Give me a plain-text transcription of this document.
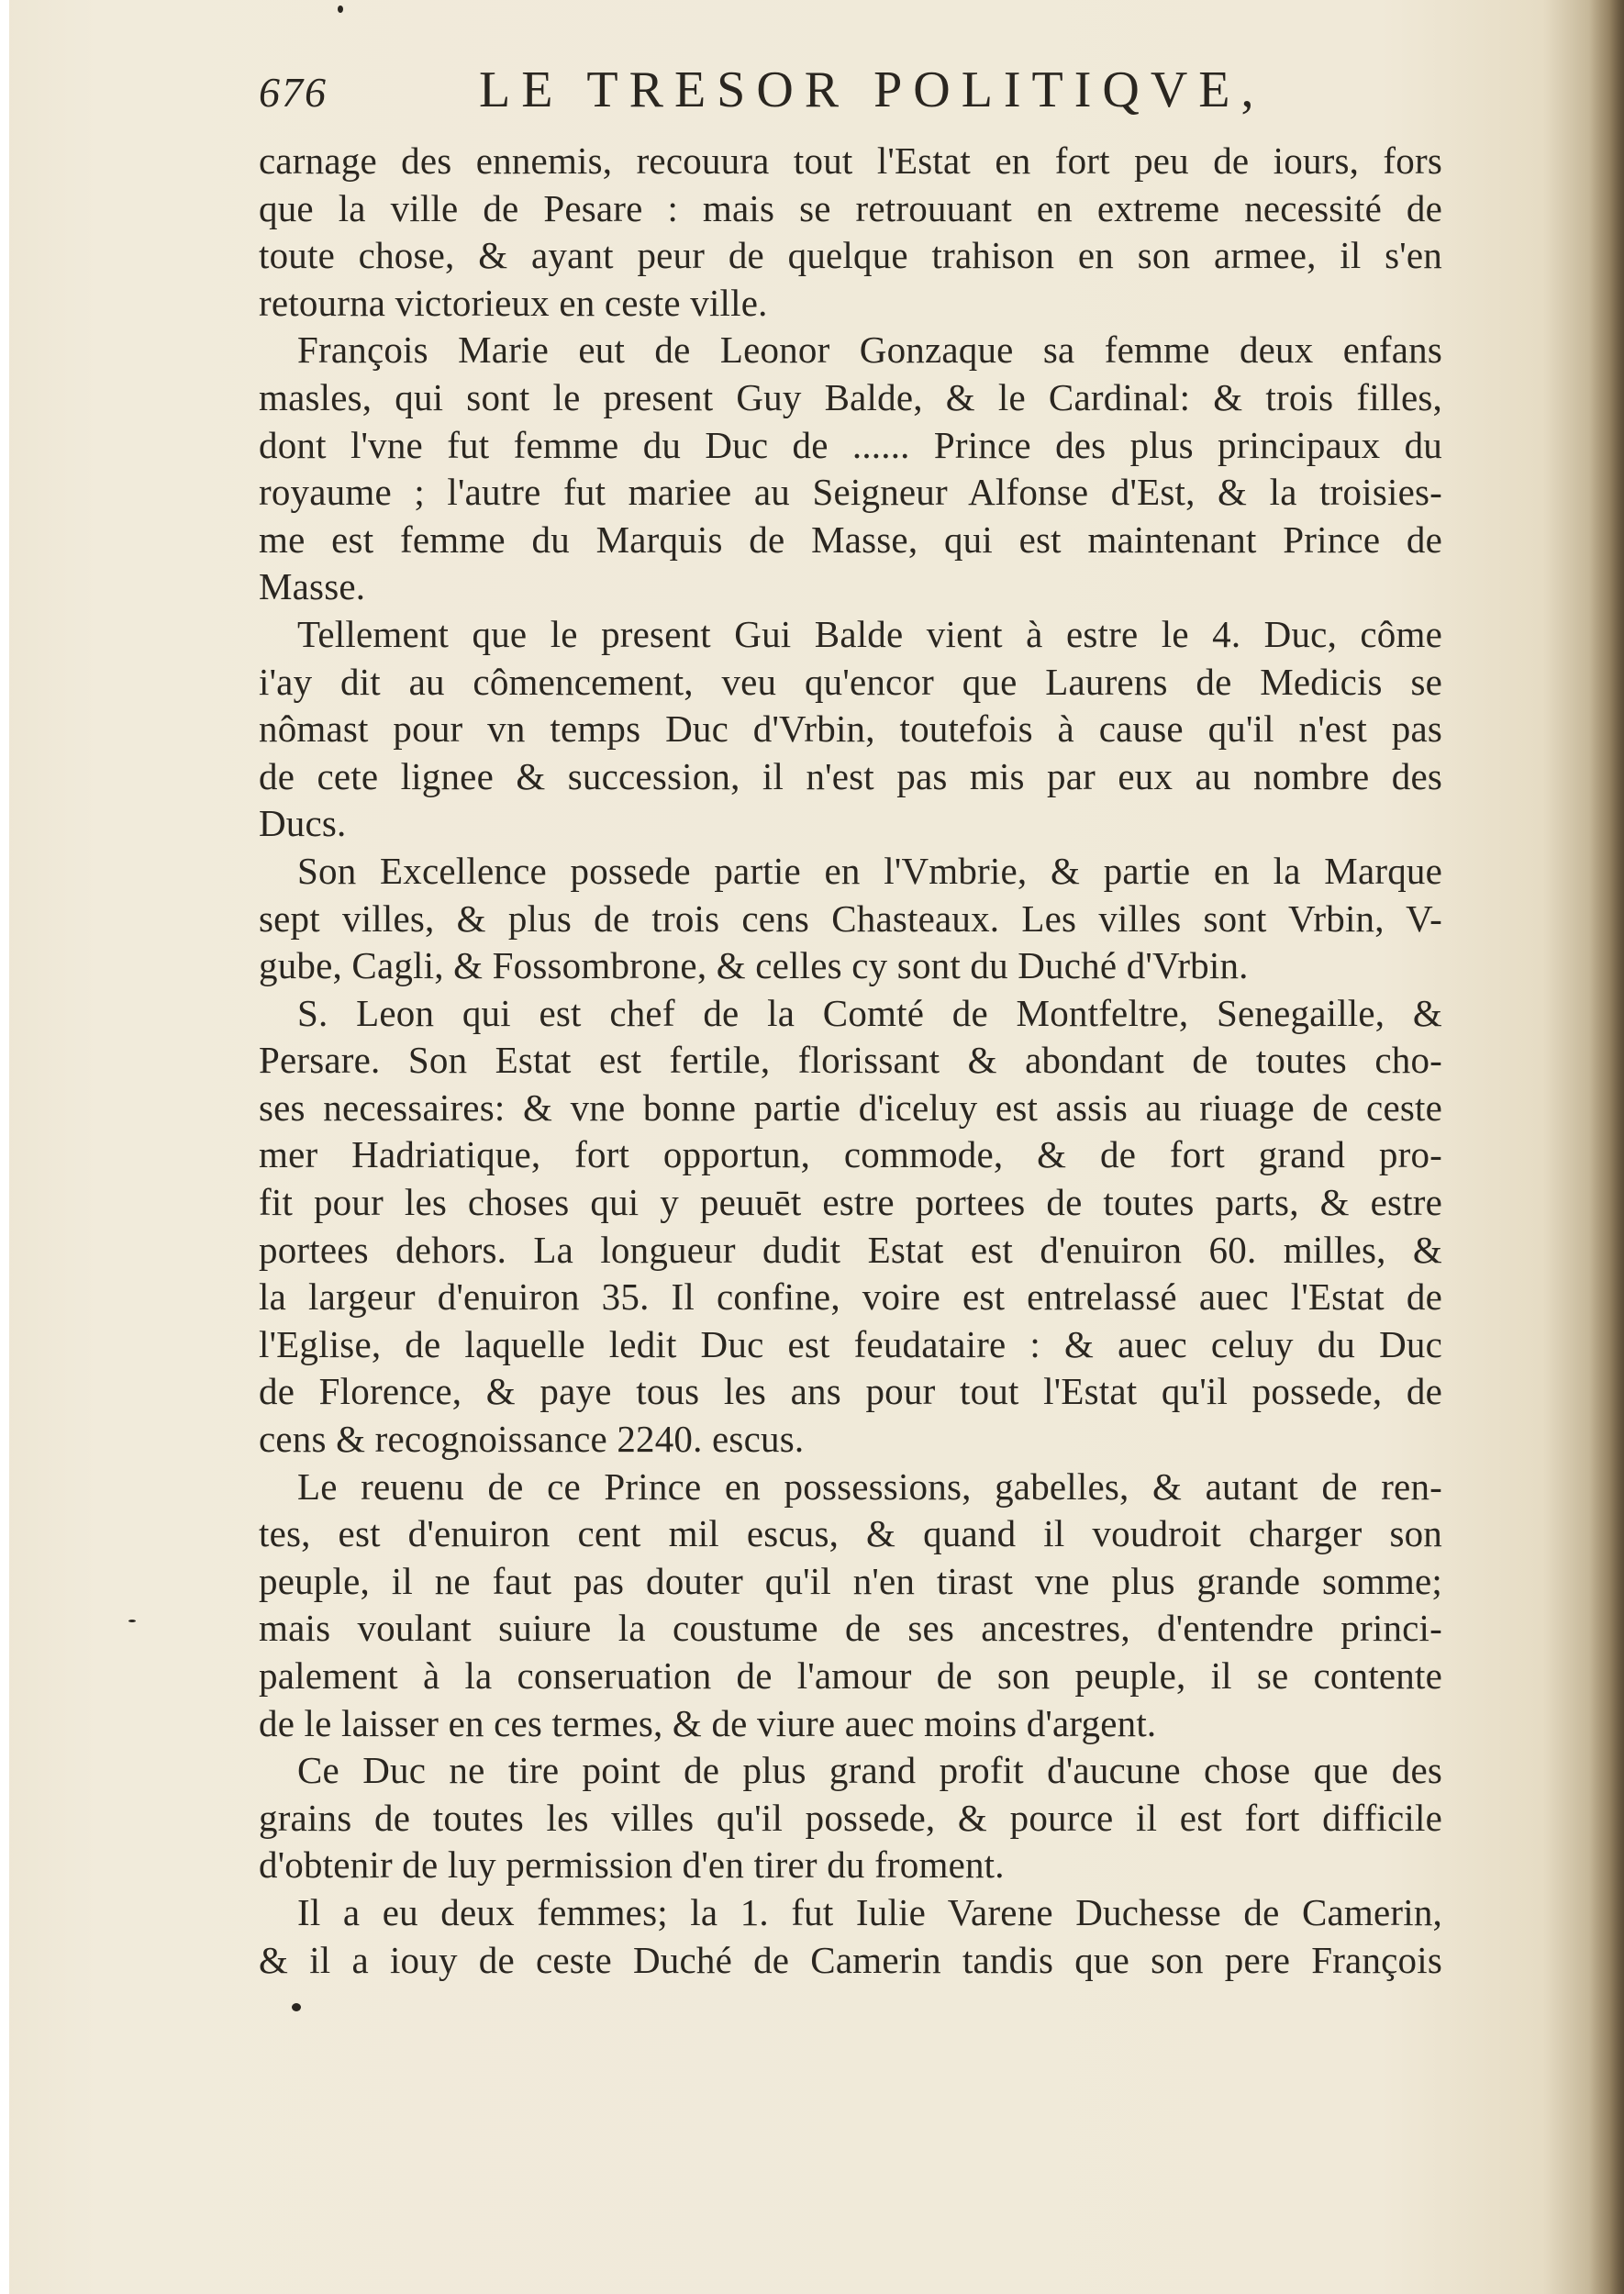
676	LE TRESOR POLITIQVE,
carnage des ennemis, recouura tout l'Estat en fort peu de iours, fors
que la ville de Pesare : mais se retrouuant en extreme necessité de
toute chose, & ayant peur de quelque trahison en son armee, il s'en
retourna victorieux en ceste ville.
François Marie eut de Leonor Gonzaque sa femme deux enfans
masles, qui sont le present Guy Balde, & le Cardinal: & trois filles,
dont l'vne fut femme du Duc de ...... Prince des plus principaux du
royaume ; l'autre fut mariee au Seigneur Alfonse d'Est, & la troisies-
me est femme du Marquis de Masse, qui est maintenant Prince de
Masse.
Tellement que le present Gui Balde vient à estre le 4. Duc, côme
i'ay dit au cômencement, veu qu'encor que Laurens de Medicis se
nômast pour vn temps Duc d'Vrbin, toutefois à cause qu'il n'est pas
de cete lignee & succession, il n'est pas mis par eux au nombre des
Ducs.
Son Excellence possede partie en l'Vmbrie, & partie en la Marque
sept villes, & plus de trois cens Chasteaux. Les villes sont Vrbin, V-
gube, Cagli, & Fossombrone, & celles cy sont du Duché d'Vrbin.
S. Leon qui est chef de la Comté de Montfeltre, Senegaille, &
Persare. Son Estat est fertile, florissant & abondant de toutes cho-
ses necessaires: & vne bonne partie d'iceluy est assis au riuage de ceste
mer Hadriatique, fort opportun, commode, & de fort grand pro-
fit pour les choses qui y peuuēt estre portees de toutes parts, & estre
portees dehors. La longueur dudit Estat est d'enuiron 60. milles, &
la largeur d'enuiron 35. Il confine, voire est entrelassé auec l'Estat de
l'Eglise, de laquelle ledit Duc est feudataire : & auec celuy du Duc
de Florence, & paye tous les ans pour tout l'Estat qu'il possede, de
cens & recognoissance 2240. escus.
Le reuenu de ce Prince en possessions, gabelles, & autant de ren-
tes, est d'enuiron cent mil escus, & quand il voudroit charger son
peuple, il ne faut pas douter qu'il n'en tirast vne plus grande somme;
mais voulant suiure la coustume de ses ancestres, d'entendre princi-
palement à la conseruation de l'amour de son peuple, il se contente
de le laisser en ces termes, & de viure auec moins d'argent.
Ce Duc ne tire point de plus grand profit d'aucune chose que des
grains de toutes les villes qu'il possede, & pource il est fort difficile
d'obtenir de luy permission d'en tirer du froment.
Il a eu deux femmes; la 1. fut Iulie Varene Duchesse de Camerin,
& il a iouy de ceste Duché de Camerin tandis que son pere François
